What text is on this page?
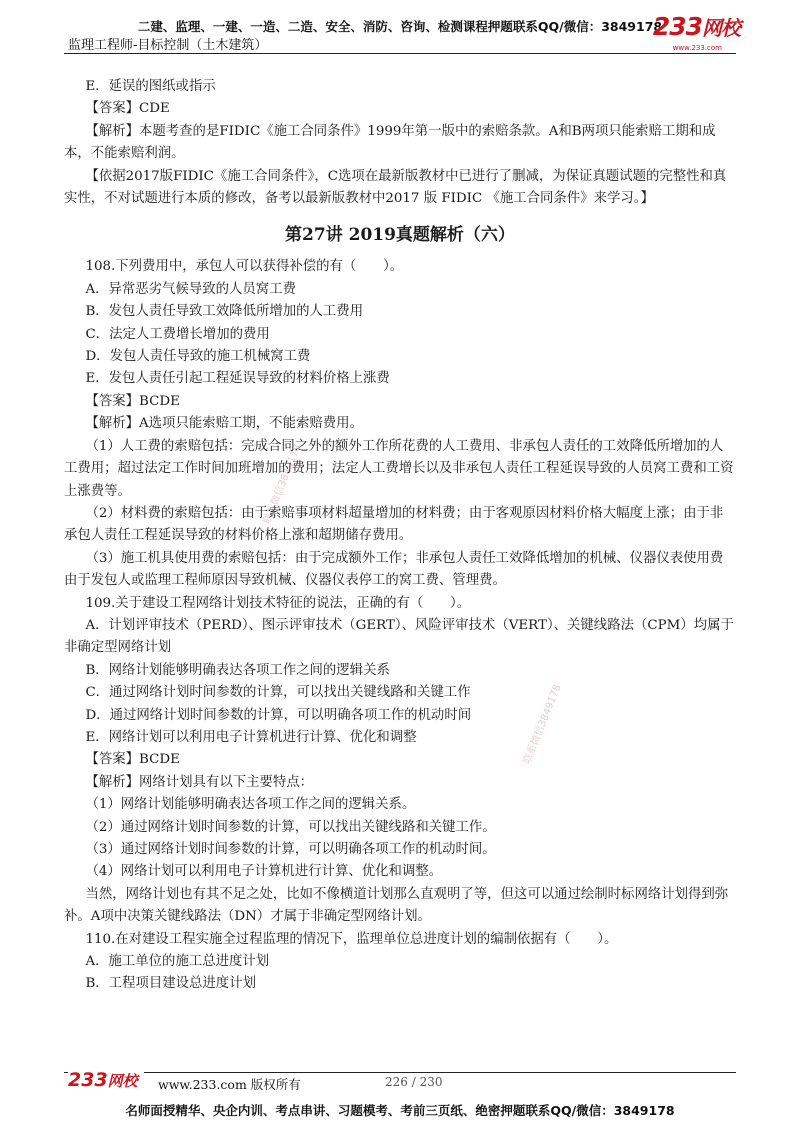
二建、监理、一建、一造、二造、安全、消防、咨询、检测课程押题联系QQ/微信：3849178
监理工程师-目标控制（土木建筑）
233网校
www.233.com
联系微信3849178
联系微信3849178

E．延误的图纸或指示

【答案】CDE

【解析】本题考查的是FIDIC《施工合同条件》1999年第一版中的索赔条款。A和B两项只能索赔工期和成本，不能索赔利润。

【依据2017版FIDIC《施工合同条件》，C选项在最新版教材中已进行了删减，为保证真题试题的完整性和真实性，不对试题进行本质的修改，备考以最新版教材中2017 版 FIDIC 《施工合同条件》来学习。】

第27讲 2019真题解析（六）

108.下列费用中，承包人可以获得补偿的有（　　）。

A．异常恶劣气候导致的人员窝工费

B．发包人责任导致工效降低所增加的人工费用

C．法定人工费增长增加的费用

D．发包人责任导致的施工机械窝工费

E．发包人责任引起工程延误导致的材料价格上涨费

【答案】BCDE

【解析】A选项只能索赔工期，不能索赔费用。

（1）人工费的索赔包括：完成合同之外的额外工作所花费的人工费用、非承包人责任的工效降低所增加的人工费用；超过法定工作时间加班增加的费用；法定人工费增长以及非承包人责任工程延误导致的人员窝工费和工资上涨费等。

（2）材料费的索赔包括：由于索赔事项材料超量增加的材料费；由于客观原因材料价格大幅度上涨；由于非承包人责任工程延误导致的材料价格上涨和超期储存费用。

（3）施工机具使用费的索赔包括：由于完成额外工作；非承包人责任工效降低增加的机械、仪器仪表使用费由于发包人或监理工程师原因导致机械、仪器仪表停工的窝工费、管理费。

109.关于建设工程网络计划技术特征的说法，正确的有（　　）。

A．计划评审技术（PERD）、图示评审技术（GERT）、风险评审技术（VERT）、关键线路法（CPM）均属于非确定型网络计划

B．网络计划能够明确表达各项工作之间的逻辑关系

C．通过网络计划时间参数的计算，可以找出关键线路和关键工作

D．通过网络计划时间参数的计算，可以明确各项工作的机动时间

E．网络计划可以利用电子计算机进行计算、优化和调整

【答案】BCDE

【解析】网络计划具有以下主要特点：

（1）网络计划能够明确表达各项工作之间的逻辑关系。

（2）通过网络计划时间参数的计算，可以找出关键线路和关键工作。

（3）通过网络计划时间参数的计算，可以明确各项工作的机动时间。

（4）网络计划可以利用电子计算机进行计算、优化和调整。

当然，网络计划也有其不足之处，比如不像横道计划那么直观明了等，但这可以通过绘制时标网络计划得到弥补。A项中决策关键线路法（DN）才属于非确定型网络计划。

110.在对建设工程实施全过程监理的情况下，监理单位总进度计划的编制依据有（　　）。

A．施工单位的施工总进度计划

B．工程项目建设总进度计划

233网校	www.233.com 版权所有	226 / 230
名师面授精华、央企内训、考点串讲、习题模考、考前三页纸、绝密押题联系QQ/微信：3849178
